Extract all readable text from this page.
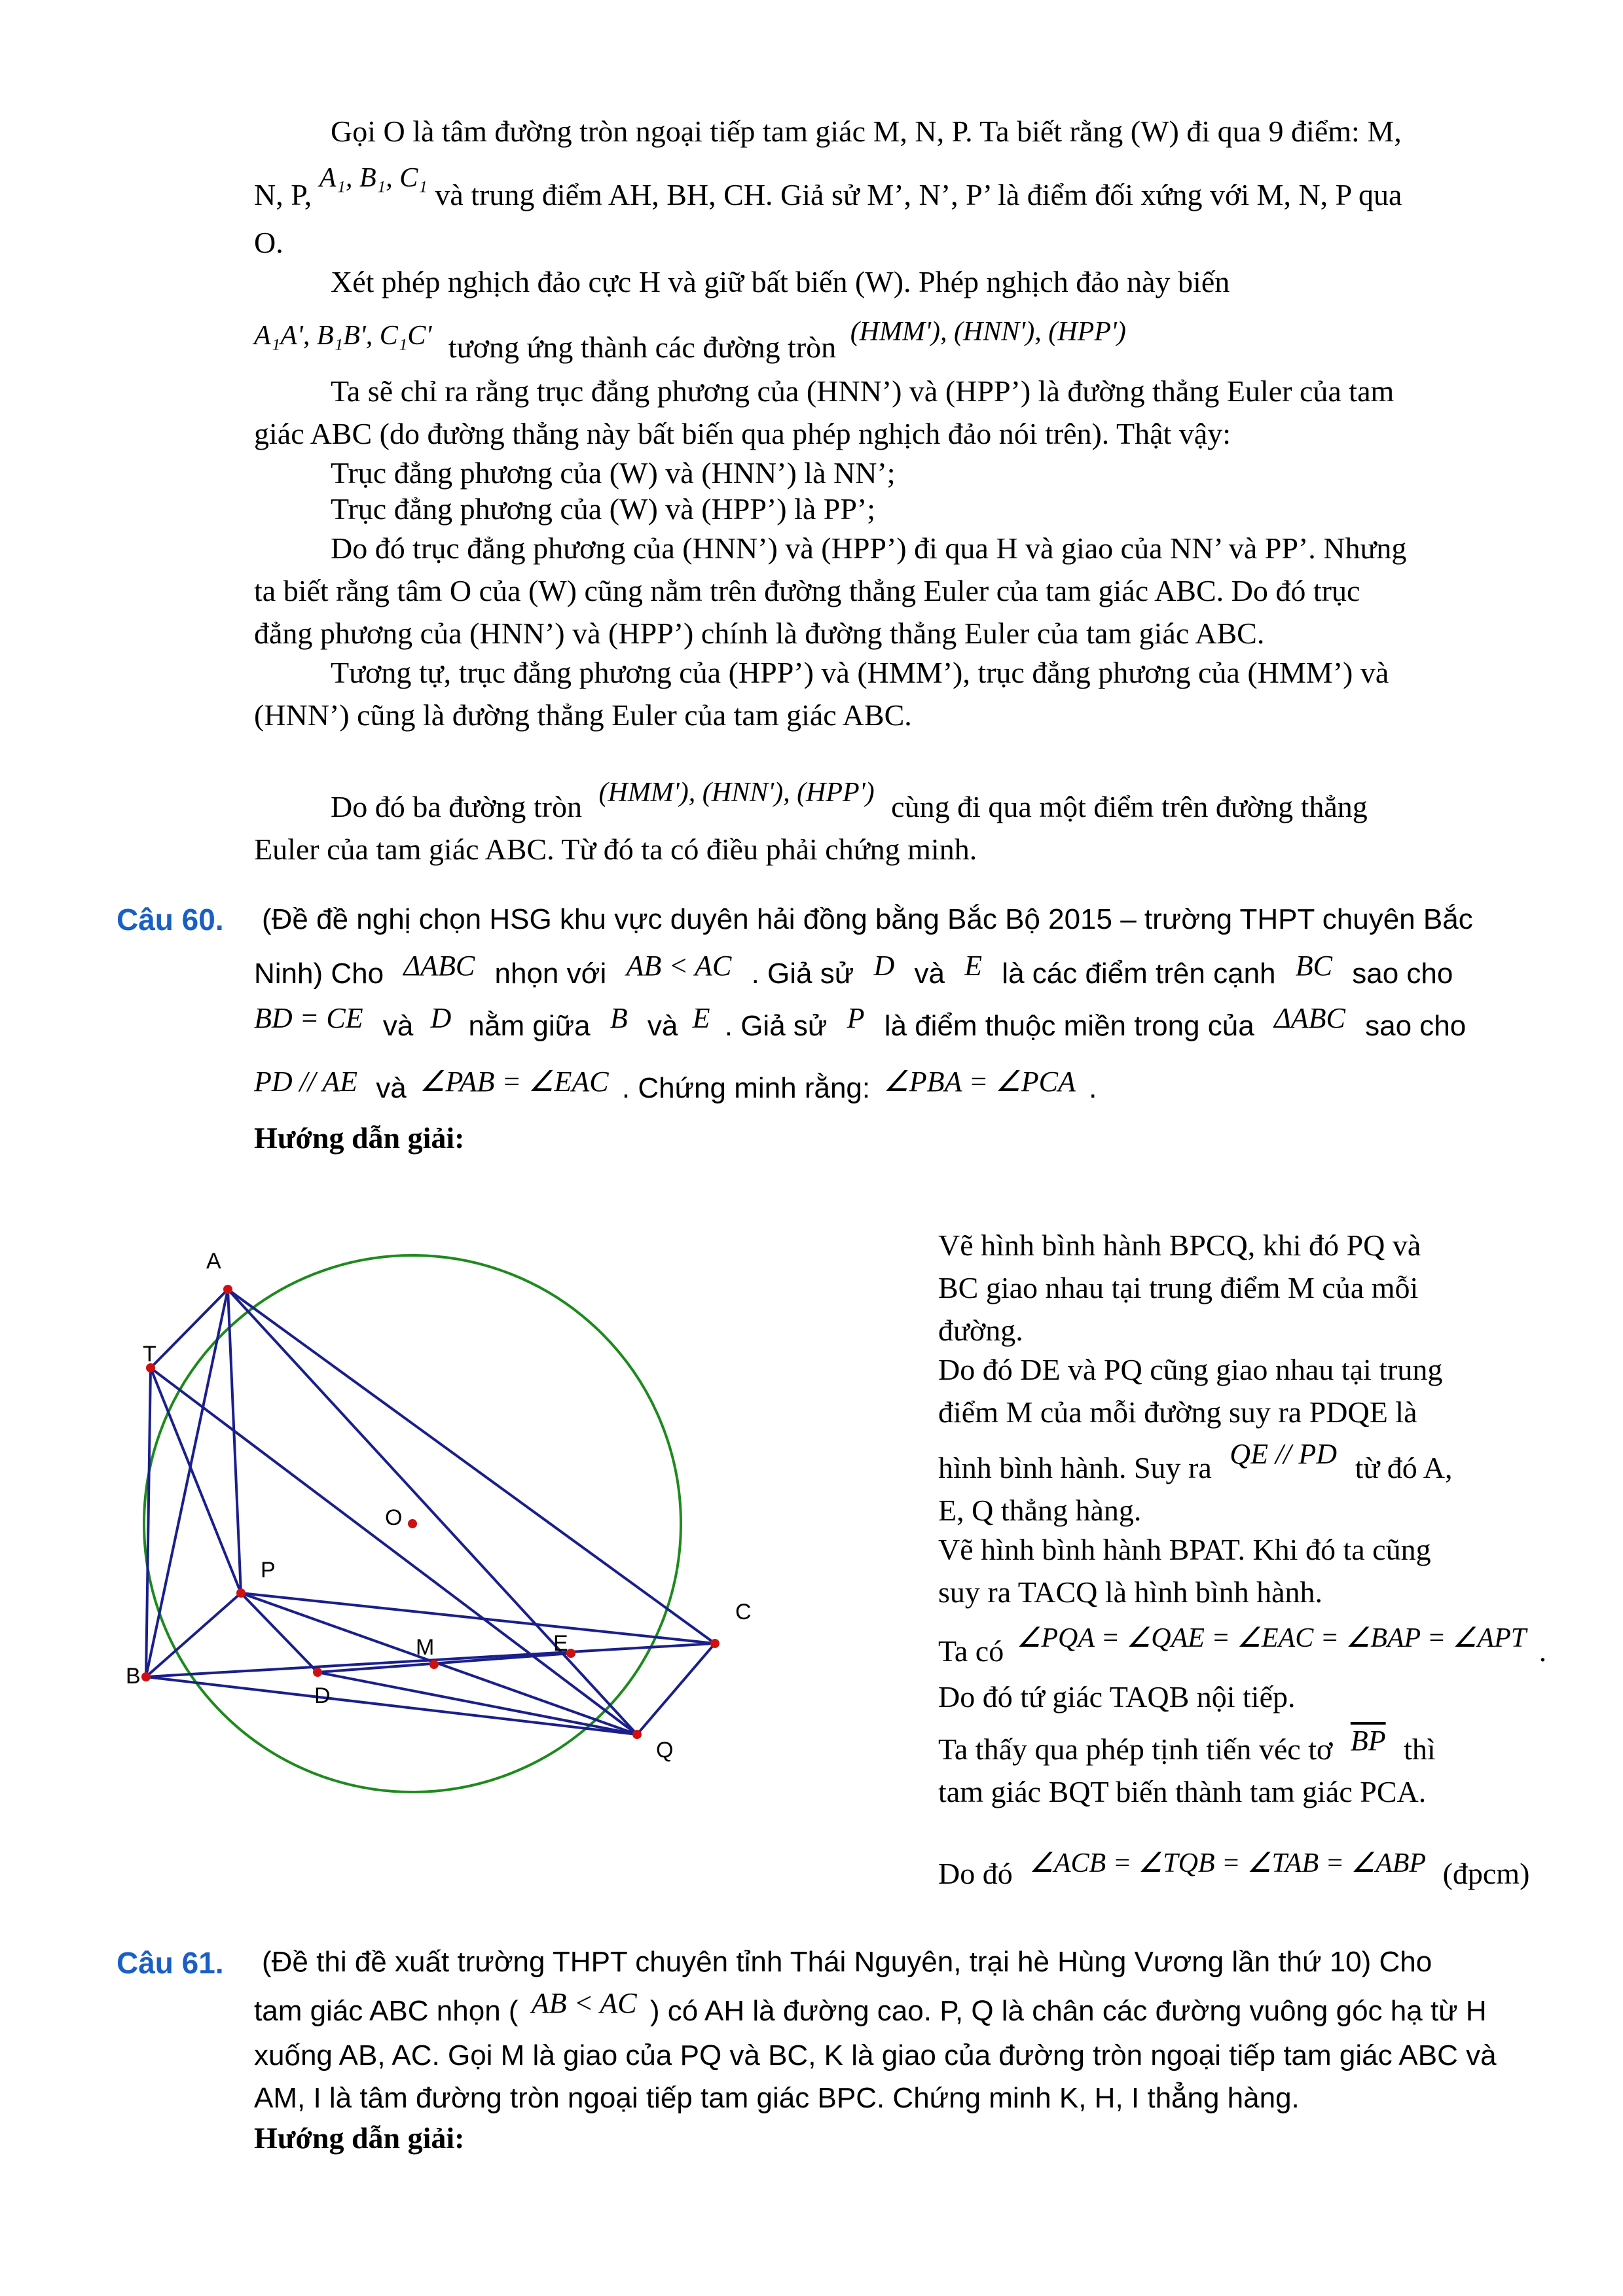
Gọi O là tâm đường tròn ngoại tiếp tam giác M, N, P. Ta biết rằng (W) đi qua 9 điểm: M,
N, P, A₁, B₁, C₁ và trung điểm AH, BH, CH. Giả sử M’, N’, P’ là điểm đối xứng với M, N, P qua
O.
Xét phép nghịch đảo cực H và giữ bất biến (W). Phép nghịch đảo này biến
A₁A', B₁B', C₁C' tương ứng thành các đường tròn (HMM'), (HNN'), (HPP')
Ta sẽ chỉ ra rằng trục đẳng phương của (HNN’) và (HPP’) là đường thẳng Euler của tam
giác ABC (do đường thẳng này bất biến qua phép nghịch đảo nói trên). Thật vậy:
Trục đẳng phương của (W) và (HNN’) là NN’;
Trục đẳng phương của (W) và (HPP’) là PP’;
Do đó trục đẳng phương của (HNN’) và (HPP’) đi qua H và giao của NN’ và PP’. Nhưng
ta biết rằng tâm O của (W) cũng nằm trên đường thẳng Euler của tam giác ABC. Do đó trục
đẳng phương của (HNN’) và (HPP’) chính là đường thẳng Euler của tam giác ABC.
Tương tự, trục đẳng phương của (HPP’) và (HMM’), trục đẳng phương của (HMM’) và
(HNN’) cũng là đường thẳng Euler của tam giác ABC.
Do đó ba đường tròn (HMM'), (HNN'), (HPP') cùng đi qua một điểm trên đường thẳng
Euler của tam giác ABC. Từ đó ta có điều phải chứng minh.
Câu 60. (Đề đề nghị chọn HSG khu vực duyên hải đồng bằng Bắc Bộ 2015 – trường THPT chuyên Bắc
Ninh) Cho ΔABC nhọn với AB < AC . Giả sử D và E là các điểm trên cạnh BC sao cho
BD = CE và D nằm giữa B và E . Giả sử P là điểm thuộc miền trong của ΔABC sao cho
PD // AE và ∠PAB = ∠EAC . Chứng minh rằng: ∠PBA = ∠PCA .
Hướng dẫn giải:
A
T
O
P
M	E
C
B
D
Q
Vẽ hình bình hành BPCQ, khi đó PQ và
BC giao nhau tại trung điểm M của mỗi
đường.
Do đó DE và PQ cũng giao nhau tại trung
điểm M của mỗi đường suy ra PDQE là
hình bình hành. Suy ra QE // PD từ đó A,
E, Q thẳng hàng.
Vẽ hình bình hành BPAT. Khi đó ta cũng
suy ra TACQ là hình bình hành.
Ta có ∠PQA = ∠QAE = ∠EAC = ∠BAP = ∠APT .
Do đó tứ giác TAQB nội tiếp.
Ta thấy qua phép tịnh tiến véc tơ $\overline{BP}$ thì
tam giác BQT biến thành tam giác PCA.
Do đó ∠ACB = ∠TQB = ∠TAB = ∠ABP (đpcm)
Câu 61. (Đề thi đề xuất trường THPT chuyên tỉnh Thái Nguyên, trại hè Hùng Vương lần thứ 10) Cho
tam giác ABC nhọn ( AB < AC ) có AH là đường cao. P, Q là chân các đường vuông góc hạ từ H
xuống AB, AC. Gọi M là giao của PQ và BC, K là giao của đường tròn ngoại tiếp tam giác ABC và
AM, I là tâm đường tròn ngoại tiếp tam giác BPC. Chứng minh K, H, I thẳng hàng.
Hướng dẫn giải:
